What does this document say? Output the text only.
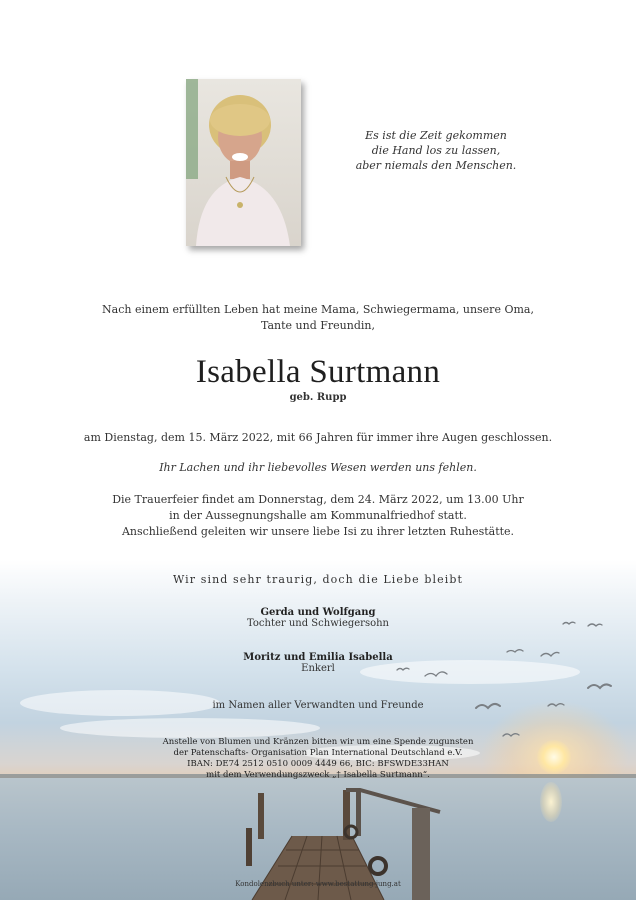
Es ist die Zeit gekommen
die Hand los zu lassen,
aber niemals den Menschen.
Nach einem erfüllten Leben hat meine Mama, Schwiegermama, unsere Oma,
Tante und Freundin,
Isabella Surtmann
geb. Rupp
am Dienstag, dem 15. März 2022, mit 66 Jahren für immer ihre Augen geschlossen.
Ihr Lachen und ihr liebevolles Wesen werden uns fehlen.
Die Trauerfeier findet am Donnerstag, dem 24. März 2022, um 13.00 Uhr
in der Aussegnungshalle am Kommunalfriedhof statt.
Anschließend geleiten wir unsere liebe Isi zu ihrer letzten Ruhestätte.
Wir sind sehr traurig, doch die Liebe bleibt
Gerda und Wolfgang
Tochter und Schwiegersohn
Moritz und Emilia Isabella
Enkerl
im Namen aller Verwandten und Freunde
Anstelle von Blumen und Kränzen bitten wir um eine Spende zugunsten
der Patenschafts- Organisation Plan International Deutschland e.V.
IBAN: DE74 2512 0510 0009 4449 66, BIC: BFSWDE33HAN
mit dem Verwendungszweck „† Isabella Surtmann“.
Kondolenzbuch unter: www.bestattung-jung.at
